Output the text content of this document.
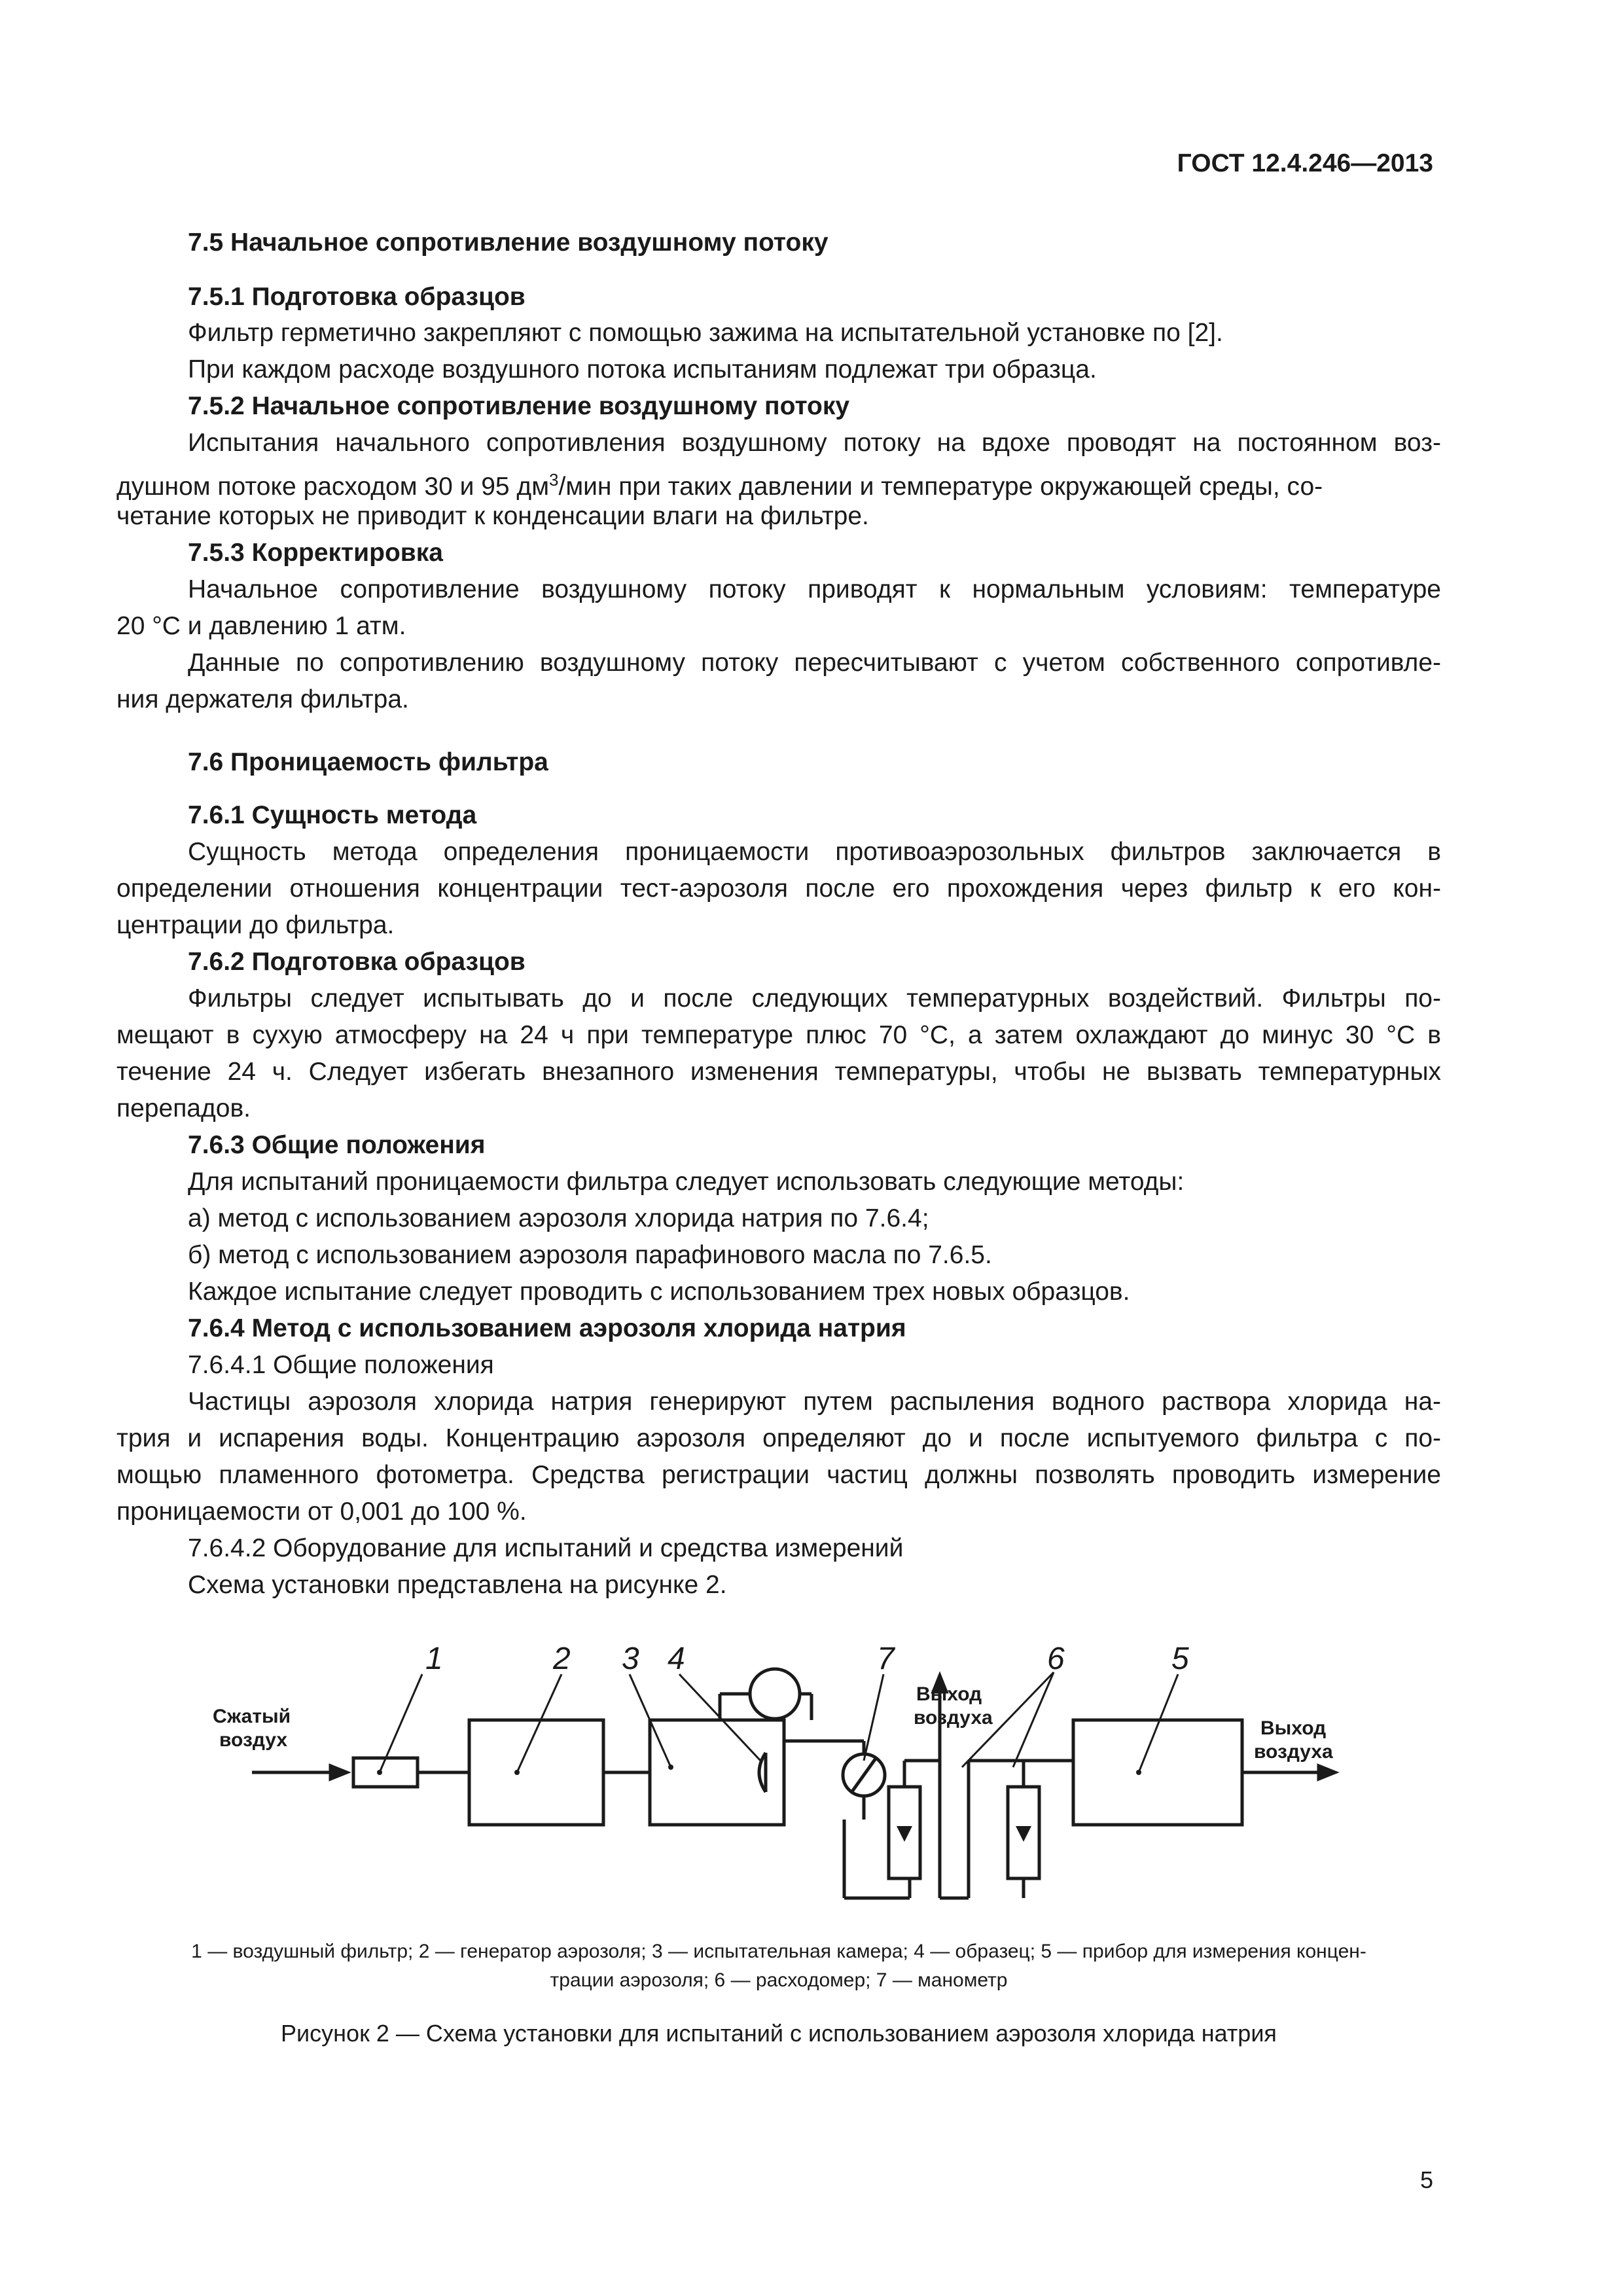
ГОСТ 12.4.246—2013
7.5 Начальное сопротивление воздушному потоку
7.5.1 Подготовка образцов
Фильтр герметично закрепляют с помощью зажима на испытательной установке по [2].
При каждом расходе воздушного потока испытаниям подлежат три образца.
7.5.2 Начальное сопротивление воздушному потоку
Испытания начального сопротивления воздушному потоку на вдохе проводят на постоянном воз-
душном потоке расходом 30 и 95 $дм^3$/мин при таких давлении и температуре окружающей среды, со-
четание которых не приводит к конденсации влаги на фильтре.
7.5.3 Корректировка
Начальное сопротивление воздушному потоку приводят к нормальным условиям: температуре
20 °С и давлению 1 атм.
Данные по сопротивлению воздушному потоку пересчитывают с учетом собственного сопротивле-
ния держателя фильтра.
7.6 Проницаемость фильтра
7.6.1 Сущность метода
Сущность метода определения проницаемости противоаэрозольных фильтров заключается в
определении отношения концентрации тест-аэрозоля после его прохождения через фильтр к его кон-
центрации до фильтра.
7.6.2 Подготовка образцов
Фильтры следует испытывать до и после следующих температурных воздействий. Фильтры по-
мещают в сухую атмосферу на 24 ч при температуре плюс 70 °С, а затем охлаждают до минус 30 °С в
течение 24 ч. Следует избегать внезапного изменения температуры, чтобы не вызвать температурных
перепадов.
7.6.3 Общие положения
Для испытаний проницаемости фильтра следует использовать следующие методы:
а) метод с использованием аэрозоля хлорида натрия по 7.6.4;
б) метод с использованием аэрозоля парафинового масла по 7.6.5.
Каждое испытание следует проводить с использованием трех новых образцов.
7.6.4 Метод с использованием аэрозоля хлорида натрия
7.6.4.1 Общие положения
Частицы аэрозоля хлорида натрия генерируют путем распыления водного раствора хлорида на-
трия и испарения воды. Концентрацию аэрозоля определяют до и после испытуемого фильтра с по-
мощью пламенного фотометра. Средства регистрации частиц должны позволять проводить измерение
проницаемости от 0,001 до 100 %.
7.6.4.2 Оборудование для испытаний и средства измерений
Схема установки представлена на рисунке 2.
1	2 3 4	7	6	5
Сжатый
воздух
Выход
воздуха	Выход
воздуха
1 — воздушный фильтр; 2 — генератор аэрозоля; 3 — испытательная камера; 4 — образец; 5 — прибор для измерения концен-
трации аэрозоля; 6 — расходомер; 7 — манометр
Рисунок 2 — Схема установки для испытаний с использованием аэрозоля хлорида натрия
5
